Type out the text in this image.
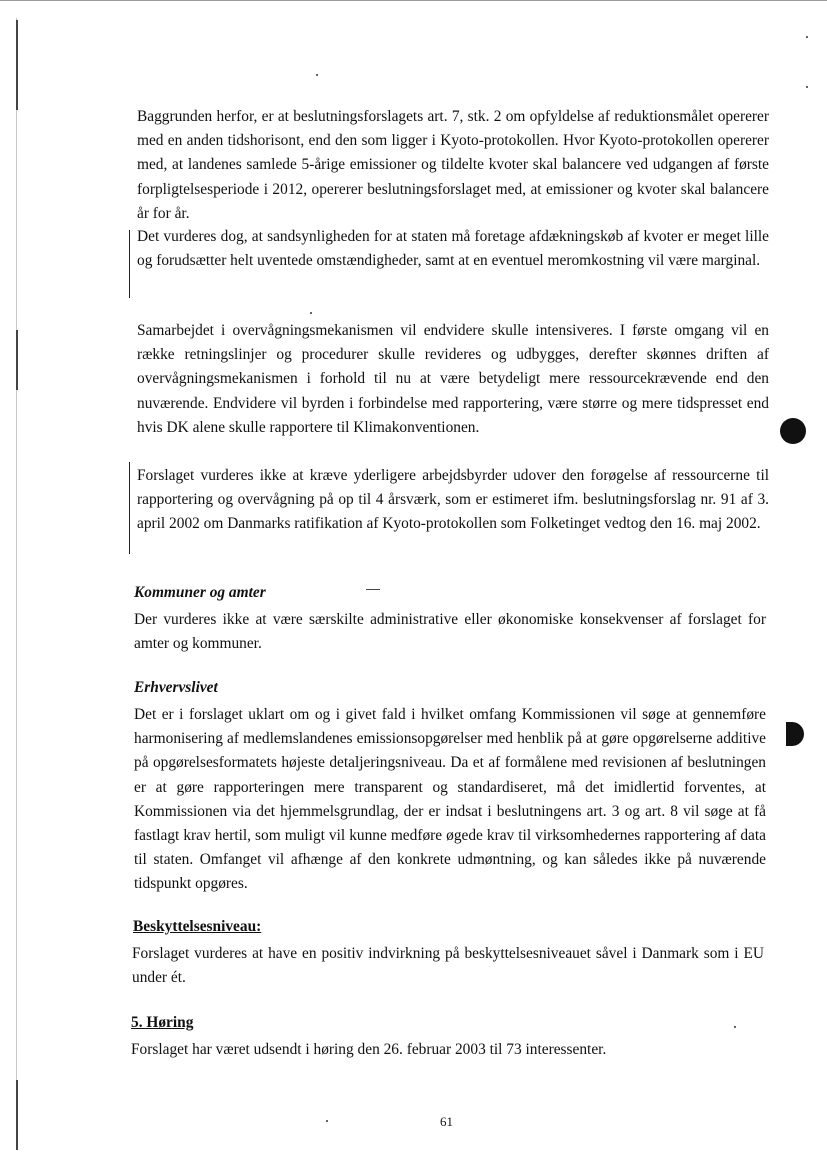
Baggrunden herfor, er at beslutningsforslagets art. 7, stk. 2 om opfyldelse af reduktionsmålet opererer med en anden tidshorisont, end den som ligger i Kyoto-protokollen. Hvor Kyoto-protokollen opererer med, at landenes samlede 5-årige emissioner og tildelte kvoter skal balancere ved udgangen af første forpligtelsesperiode i 2012, opererer beslutningsforslaget med, at emissioner og kvoter skal balancere år for år.

Det vurderes dog, at sandsynligheden for at staten må foretage afdækningskøb af kvoter er meget lille og forudsætter helt uventede omstændigheder, samt at en eventuel meromkostning vil være marginal.

Samarbejdet i overvågningsmekanismen vil endvidere skulle intensiveres. I første omgang vil en række retningslinjer og procedurer skulle revideres og udbygges, derefter skønnes driften af overvågningsmekanismen i forhold til nu at være betydeligt mere ressourcekrævende end den nuværende. Endvidere vil byrden i forbindelse med rapportering, være større og mere tidspresset end hvis DK alene skulle rapportere til Klimakonventionen.

Forslaget vurderes ikke at kræve yderligere arbejdsbyrder udover den forøgelse af ressourcerne til rapportering og overvågning på op til 4 årsværk, som er estimeret ifm. beslutningsforslag nr. 91 af 3. april 2002 om Danmarks ratifikation af Kyoto-protokollen som Folketinget vedtog den 16. maj 2002.

Kommuner og amter

Der vurderes ikke at være særskilte administrative eller økonomiske konsekvenser af forslaget for amter og kommuner.

Erhvervslivet

Det er i forslaget uklart om og i givet fald i hvilket omfang Kommissionen vil søge at gennemføre harmonisering af medlemslandenes emissionsopgørelser med henblik på at gøre opgørelserne additive på opgørelsesformatets højeste detaljeringsniveau. Da et af formålene med revisionen af beslutningen er at gøre rapporteringen mere transparent og standardiseret, må det imidlertid forventes, at Kommissionen via det hjemmelsgrundlag, der er indsat i beslutningens art. 3 og art. 8 vil søge at få fastlagt krav hertil, som muligt vil kunne medføre øgede krav til virksomhedernes rapportering af data til staten. Omfanget vil afhænge af den konkrete udmøntning, og kan således ikke på nuværende tidspunkt opgøres.

Beskyttelsesniveau:

Forslaget vurderes at have en positiv indvirkning på beskyttelsesniveauet såvel i Danmark som i EU under ét.

5. Høring

Forslaget har været udsendt i høring den 26. februar 2003 til 73 interessenter.

61
